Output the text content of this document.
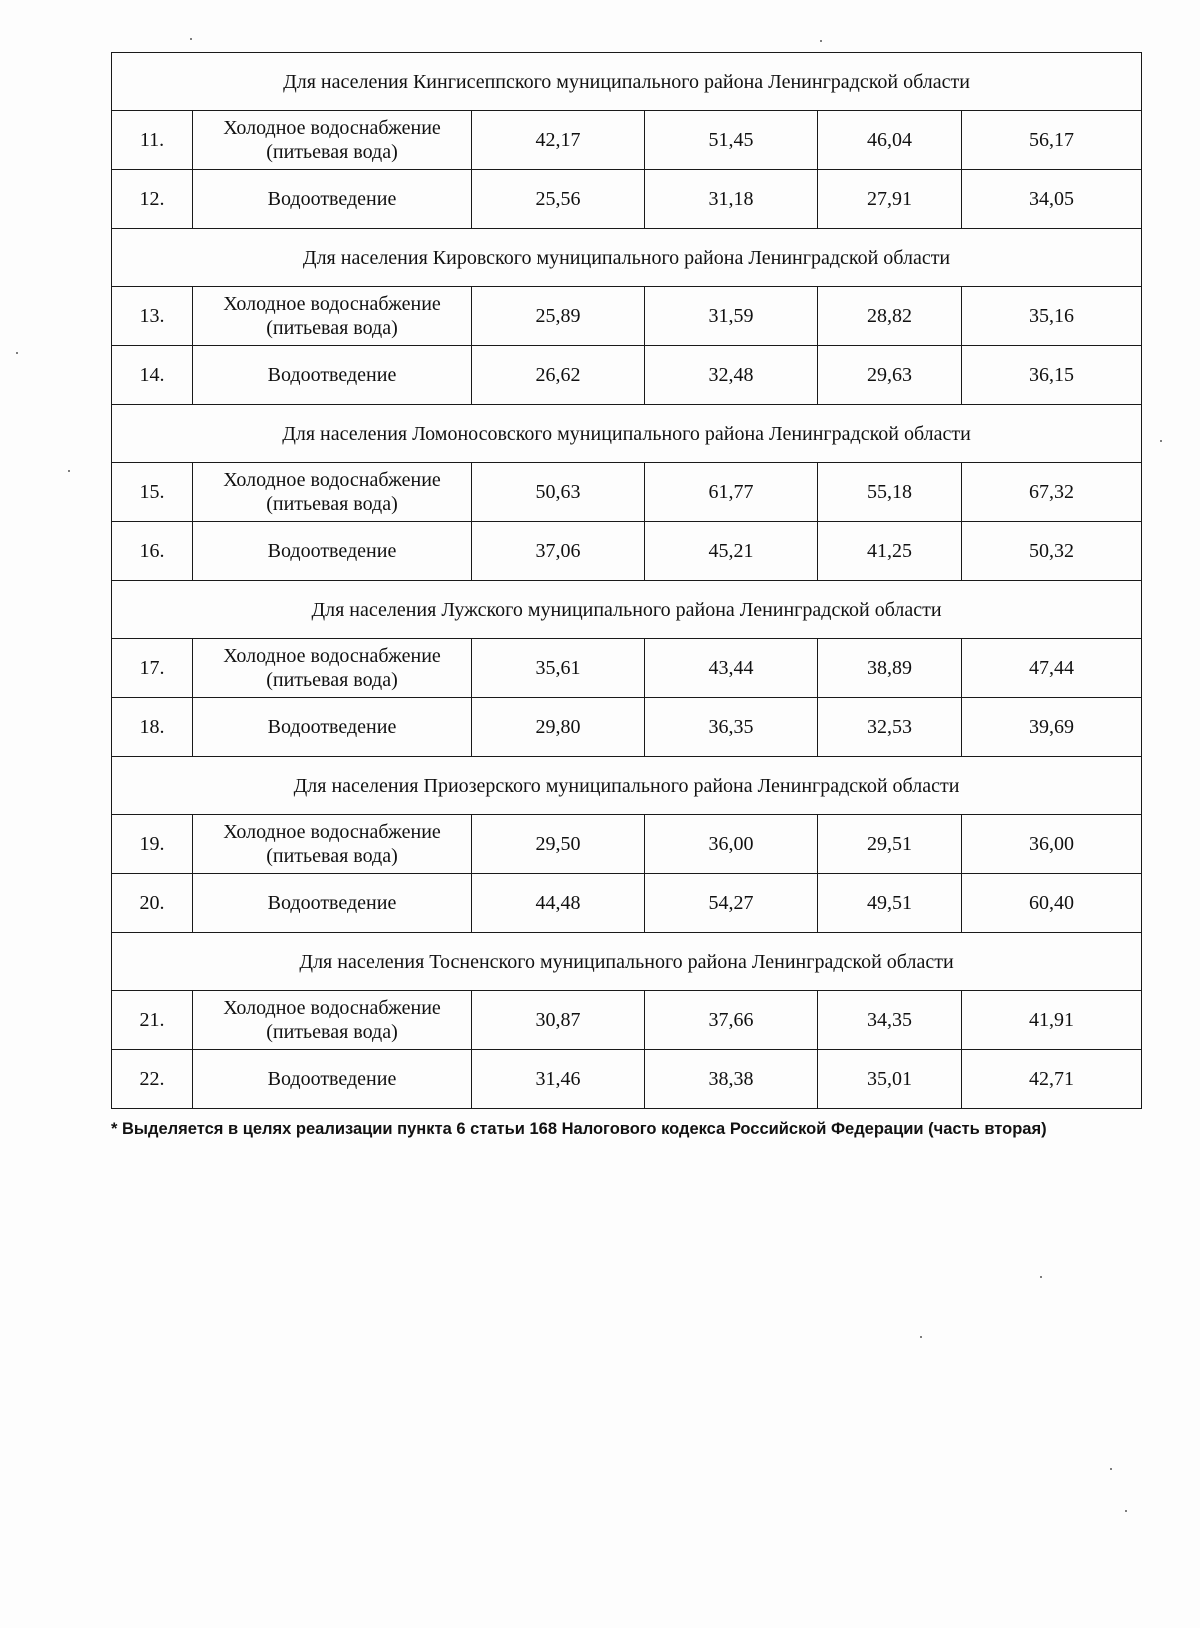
Для населения Кингисеппского муниципального района Ленинградской области					
11.	Холодное водоснабжение(питьевая вода)	42,17	51,45	46,04	56,17
12.	Водоотведение	25,56	31,18	27,91	34,05
Для населения Кировского муниципального района Ленинградской области					
13.	Холодное водоснабжение(питьевая вода)	25,89	31,59	28,82	35,16
14.	Водоотведение	26,62	32,48	29,63	36,15
Для населения Ломоносовского муниципального района Ленинградской области					
15.	Холодное водоснабжение(питьевая вода)	50,63	61,77	55,18	67,32
16.	Водоотведение	37,06	45,21	41,25	50,32
Для населения Лужского муниципального района Ленинградской области					
17.	Холодное водоснабжение(питьевая вода)	35,61	43,44	38,89	47,44
18.	Водоотведение	29,80	36,35	32,53	39,69
Для населения Приозерского муниципального района Ленинградской области					
19.	Холодное водоснабжение(питьевая вода)	29,50	36,00	29,51	36,00
20.	Водоотведение	44,48	54,27	49,51	60,40
Для населения Тосненского муниципального района Ленинградской области					
21.	Холодное водоснабжение(питьевая вода)	30,87	37,66	34,35	41,91
22.	Водоотведение	31,46	38,38	35,01	42,71
* Выделяется в целях реализации пункта 6 статьи 168 Налогового кодекса Российской Федерации (часть вторая)
